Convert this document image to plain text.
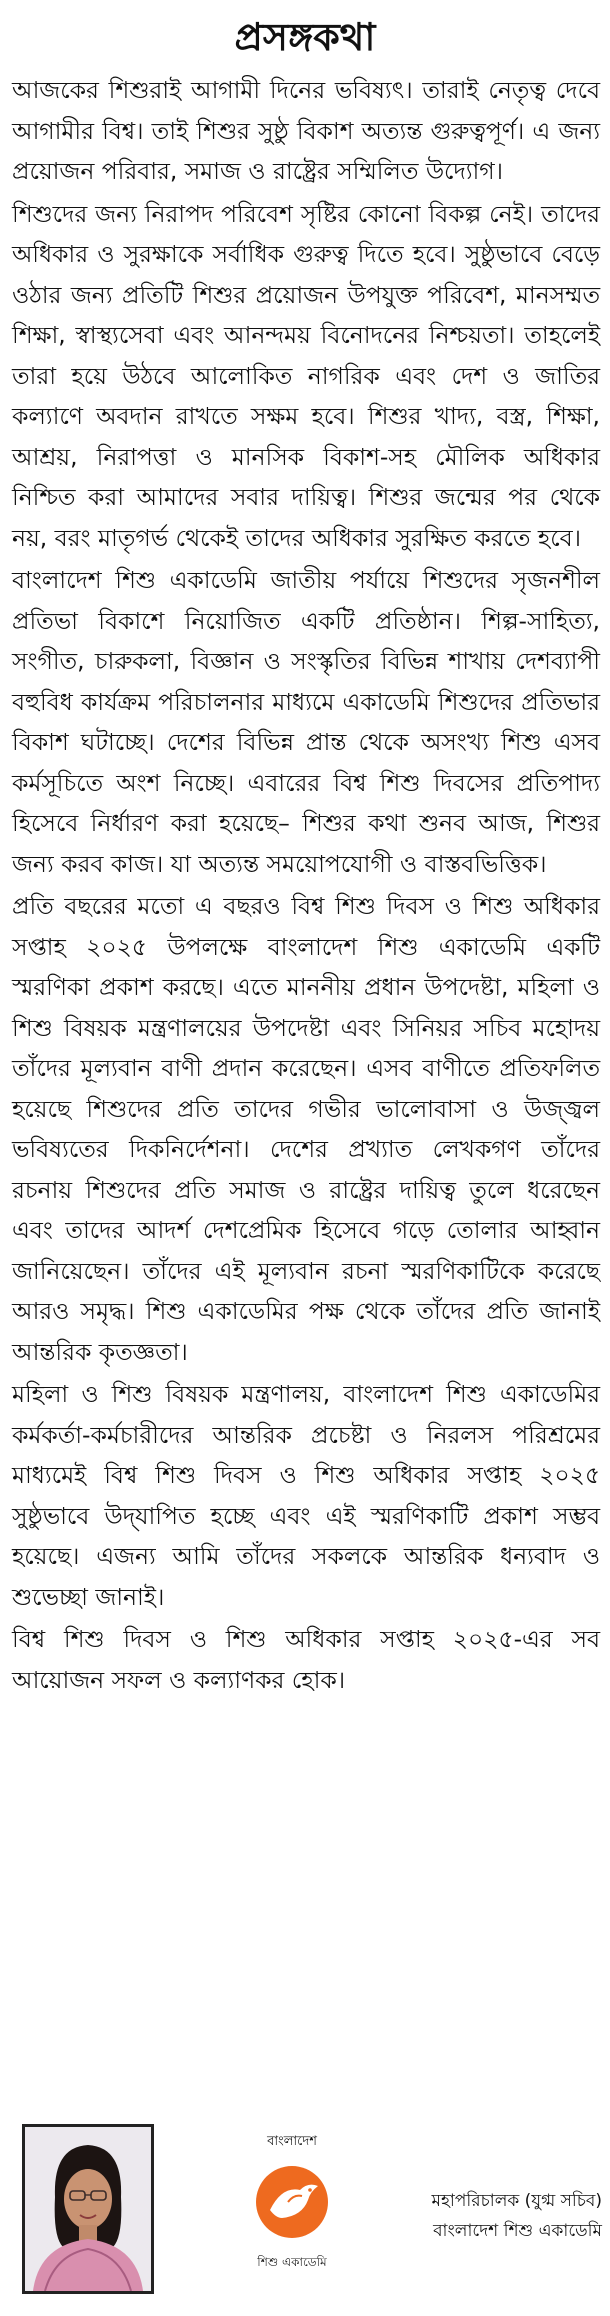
প্রসঙ্গকথা

আজকের শিশুরাই আগামী দিনের ভবিষ্যৎ। তারাই নেতৃত্ব দেবে আগামীর বিশ্ব। তাই শিশুর সুষ্ঠু বিকাশ অত্যন্ত গুরুত্বপূর্ণ। এ জন্য প্রয়োজন পরিবার, সমাজ ও রাষ্ট্রের সম্মিলিত উদ্যোগ।

শিশুদের জন্য নিরাপদ পরিবেশ সৃষ্টির কোনো বিকল্প নেই। তাদের অধিকার ও সুরক্ষাকে সর্বাধিক গুরুত্ব দিতে হবে। সুষ্ঠুভাবে বেড়ে ওঠার জন্য প্রতিটি শিশুর প্রয়োজন উপযুক্ত পরিবেশ, মানসম্মত শিক্ষা, স্বাস্থ্যসেবা এবং আনন্দময় বিনোদনের নিশ্চয়তা। তাহলেই তারা হয়ে উঠবে আলোকিত নাগরিক এবং দেশ ও জাতির কল্যাণে অবদান রাখতে সক্ষম হবে। শিশুর খাদ্য, বস্ত্র, শিক্ষা, আশ্রয়, নিরাপত্তা ও মানসিক বিকাশ-সহ মৌলিক অধিকার নিশ্চিত করা আমাদের সবার দায়িত্ব। শিশুর জন্মের পর থেকে নয়, বরং মাতৃগর্ভ থেকেই তাদের অধিকার সুরক্ষিত করতে হবে।

বাংলাদেশ শিশু একাডেমি জাতীয় পর্যায়ে শিশুদের সৃজনশীল প্রতিভা বিকাশে নিয়োজিত একটি প্রতিষ্ঠান। শিল্প-সাহিত্য, সংগীত, চারুকলা, বিজ্ঞান ও সংস্কৃতির বিভিন্ন শাখায় দেশব্যাপী বহুবিধ কার্যক্রম পরিচালনার মাধ্যমে একাডেমি শিশুদের প্রতিভার বিকাশ ঘটাচ্ছে। দেশের বিভিন্ন প্রান্ত থেকে অসংখ্য শিশু এসব কর্মসূচিতে অংশ নিচ্ছে। এবারের বিশ্ব শিশু দিবসের প্রতিপাদ্য হিসেবে নির্ধারণ করা হয়েছে– শিশুর কথা শুনব আজ, শিশুর জন্য করব কাজ। যা অত্যন্ত সময়োপযোগী ও বাস্তবভিত্তিক।

প্রতি বছরের মতো এ বছরও বিশ্ব শিশু দিবস ও শিশু অধিকার সপ্তাহ ২০২৫ উপলক্ষে বাংলাদেশ শিশু একাডেমি একটি স্মরণিকা প্রকাশ করছে। এতে মাননীয় প্রধান উপদেষ্টা, মহিলা ও শিশু বিষয়ক মন্ত্রণালয়ের উপদেষ্টা এবং সিনিয়র সচিব মহোদয় তাঁদের মূল্যবান বাণী প্রদান করেছেন। এসব বাণীতে প্রতিফলিত হয়েছে শিশুদের প্রতি তাদের গভীর ভালোবাসা ও উজ্জ্বল ভবিষ্যতের দিকনির্দেশনা। দেশের প্রখ্যাত লেখকগণ তাঁদের রচনায় শিশুদের প্রতি সমাজ ও রাষ্ট্রের দায়িত্ব তুলে ধরেছেন এবং তাদের আদর্শ দেশপ্রেমিক হিসেবে গড়ে তোলার আহ্বান জানিয়েছেন। তাঁদের এই মূল্যবান রচনা স্মরণিকাটিকে করেছে আরও সমৃদ্ধ। শিশু একাডেমির পক্ষ থেকে তাঁদের প্রতি জানাই আন্তরিক কৃতজ্ঞতা।

মহিলা ও শিশু বিষয়ক মন্ত্রণালয়, বাংলাদেশ শিশু একাডেমির কর্মকর্তা-কর্মচারীদের আন্তরিক প্রচেষ্টা ও নিরলস পরিশ্রমের মাধ্যমেই বিশ্ব শিশু দিবস ও শিশু অধিকার সপ্তাহ ২০২৫ সুষ্ঠুভাবে উদ্‌যাপিত হচ্ছে এবং এই স্মরণিকাটি প্রকাশ সম্ভব হয়েছে। এজন্য আমি তাঁদের সকলকে আন্তরিক ধন্যবাদ ও শুভেচ্ছা জানাই।

বিশ্ব শিশু দিবস ও শিশু অধিকার সপ্তাহ ২০২৫-এর সব আয়োজন সফল ও কল্যাণকর হোক।

বাংলাদেশ
শিশু একাডেমি
মহাপরিচালক (যুগ্ম সচিব)
বাংলাদেশ শিশু একাডেমি
